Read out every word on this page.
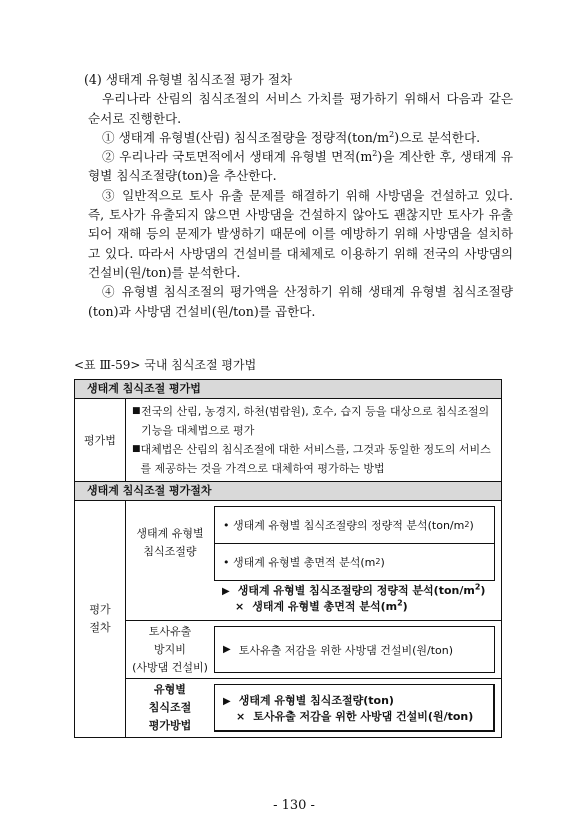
(4) 생태계 유형별 침식조절 평가 절차

우리나라 산림의 침식조절의 서비스 가치를 평가하기 위해서 다음과 같은 순서로 진행한다.

① 생태계 유형별(산림) 침식조절량을 정량적$(ton/m^2)$으로 분석한다.

② 우리나라 국토면적에서 생태계 유형별 면적$(m^2)$을 계산한 후, 생태계 유형별 침식조절량(ton)을 추산한다.

③ 일반적으로 토사 유출 문제를 해결하기 위해 사방댐을 건설하고 있다. 즉, 토사가 유출되지 않으면 사방댐을 건설하지 않아도 괜찮지만 토사가 유출되어 재해 등의 문제가 발생하기 때문에 이를 예방하기 위해 사방댐을 설치하고 있다. 따라서 사방댐의 건설비를 대체제로 이용하기 위해 전국의 사방댐의 건설비(원/ton)를 분석한다.

④ 유형별 침식조절의 평가액을 산정하기 위해 생태계 유형별 침식조절량(ton)과 사방댐 건설비(원/ton)를 곱한다.

<표 Ⅲ-59> 국내 침식조절 평가법
생태계 침식조절 평가법
평가법
■ 전국의 산림, 농경지, 하천(범람원), 호수, 습지 등을 대상으로 침식조절의 기능을 대체법으로 평가
■ 대체법은 산림의 침식조절에 대한 서비스를, 그것과 동일한 정도의 서비스를 제공하는 것을 가격으로 대체하여 평가하는 방법
생태계 침식조절 평가절차
평가
절차
생태계 유형별
침식조절량
• 생태계 유형별 침식조절량의 정량적 분석(ton/m 2 )
• 생태계 유형별 총면적 분석(m 2 )
▶ 생태계 유형별 침식조절량의 정량적 분석$(ton/m^2)$
× 생태계 유형별 총면적 분석$(m^2)$
토사유출
방지비
(사방댐 건설비)
▶ 토사유출 저감을 위한 사방댐 건설비(원/ton)
유형별
침식조절
평가방법
▶ 생태계 유형별 침식조절량(ton)
× 토사유출 저감을 위한 사방댐 건설비(원/ton)
- 130 -
